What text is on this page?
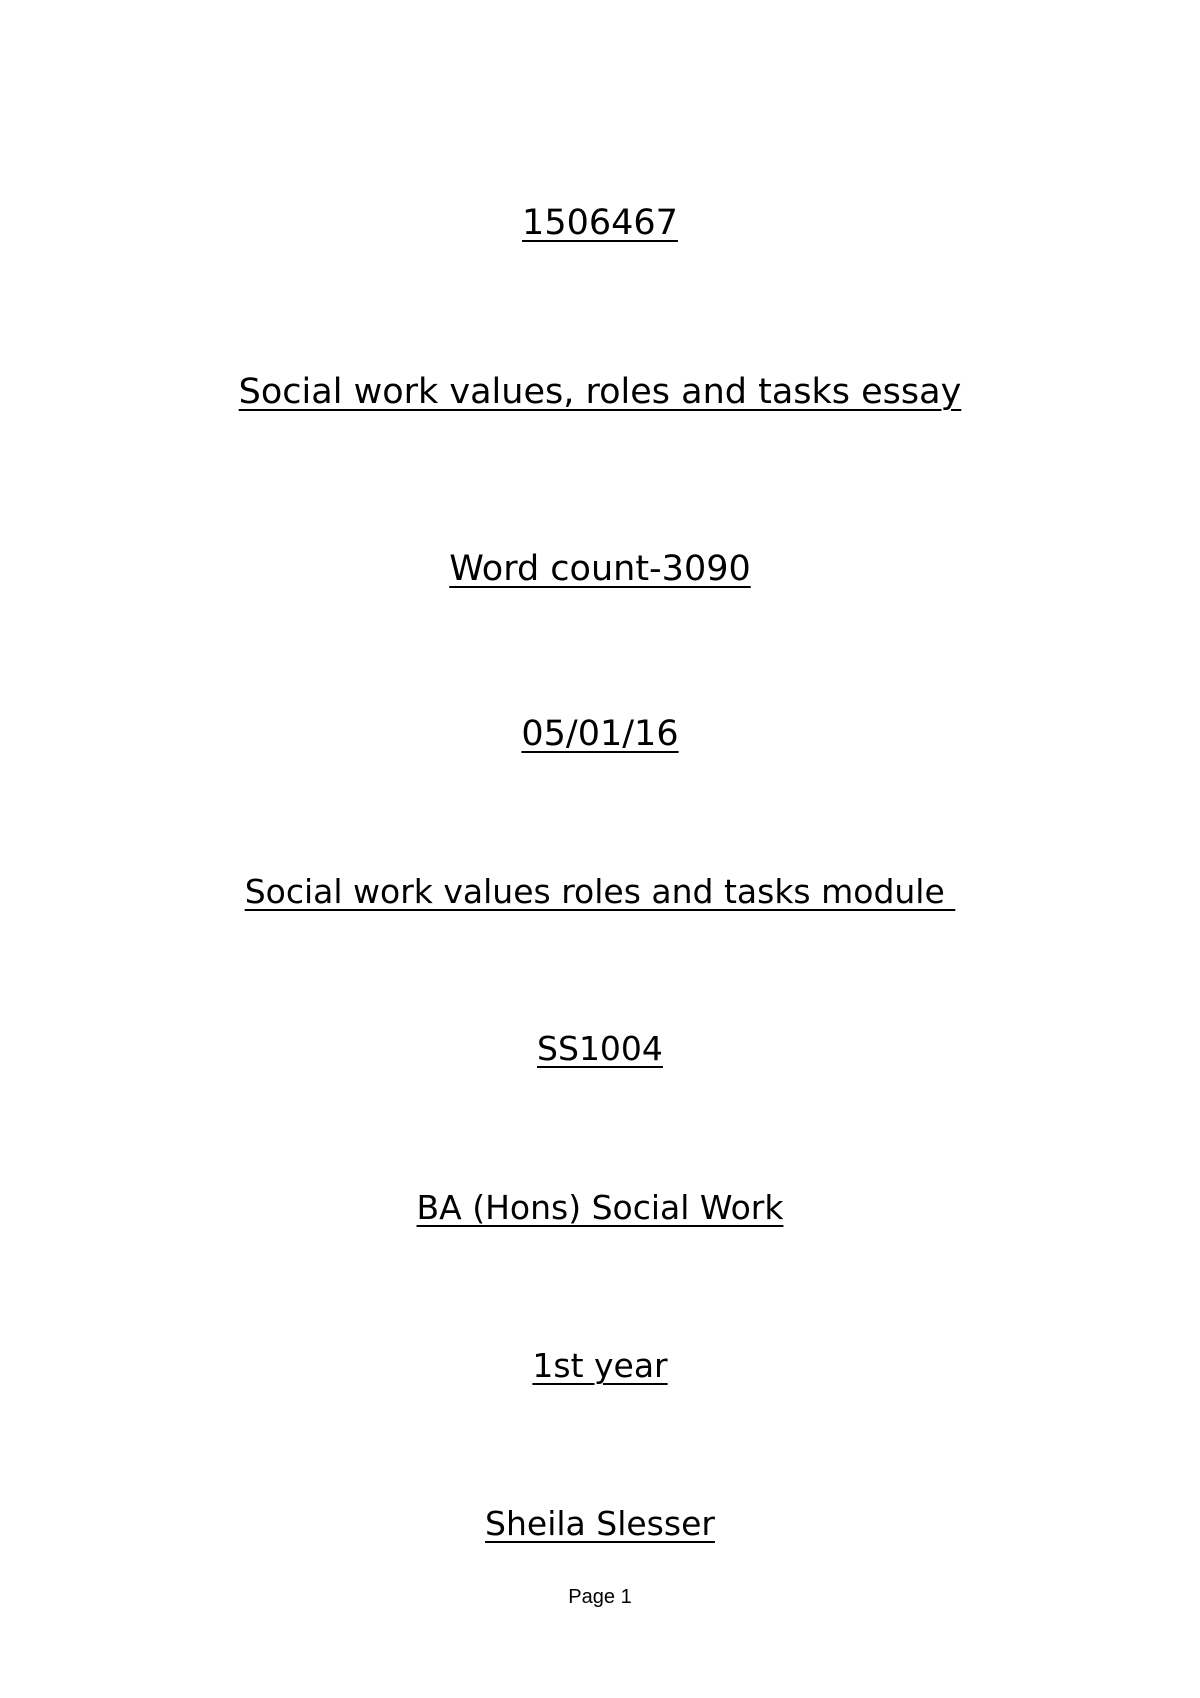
1506467
Social work values, roles and tasks essay
Word count-3090
05/01/16
Social work values roles and tasks module
SS1004
BA (Hons) Social Work
1st year
Sheila Slesser
Page 1
